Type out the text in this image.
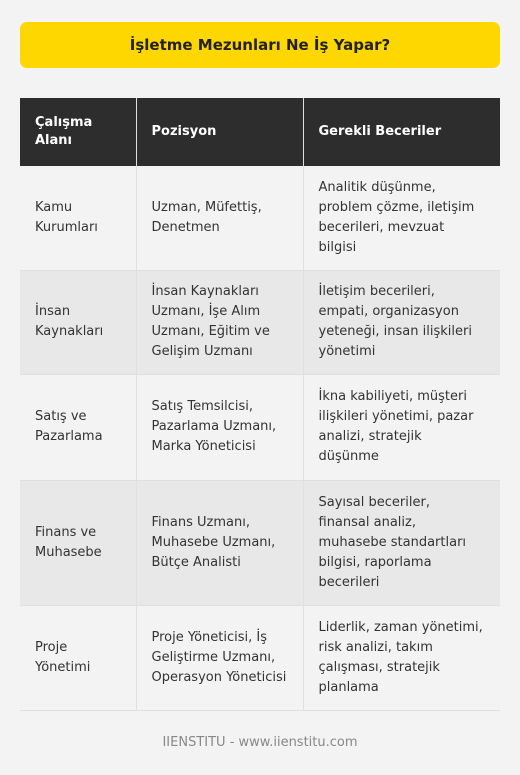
İşletme Mezunları Ne İş Yapar?
Çalışma Alanı	Pozisyon	Gerekli Beceriler
Kamu Kurumları	Uzman, Müfettiş, Denetmen	Analitik düşünme, problem çözme, iletişim becerileri, mevzuat bilgisi
İnsan Kaynakları	İnsan Kaynakları Uzmanı, İşe Alım Uzmanı, Eğitim ve Gelişim Uzmanı	İletişim becerileri, empati, organizasyon yeteneği, insan ilişkileri yönetimi
Satış ve Pazarlama	Satış Temsilcisi, Pazarlama Uzmanı, Marka Yöneticisi	İkna kabiliyeti, müşteri ilişkileri yönetimi, pazar analizi, stratejik düşünme
Finans ve Muhasebe	Finans Uzmanı, Muhasebe Uzmanı, Bütçe Analisti	Sayısal beceriler, finansal analiz, muhasebe standartları bilgisi, raporlama becerileri
Proje Yönetimi	Proje Yöneticisi, İş Geliştirme Uzmanı, Operasyon Yöneticisi	Liderlik, zaman yönetimi, risk analizi, takım çalışması, stratejik planlama
IIENSTITU - www.iienstitu.com
